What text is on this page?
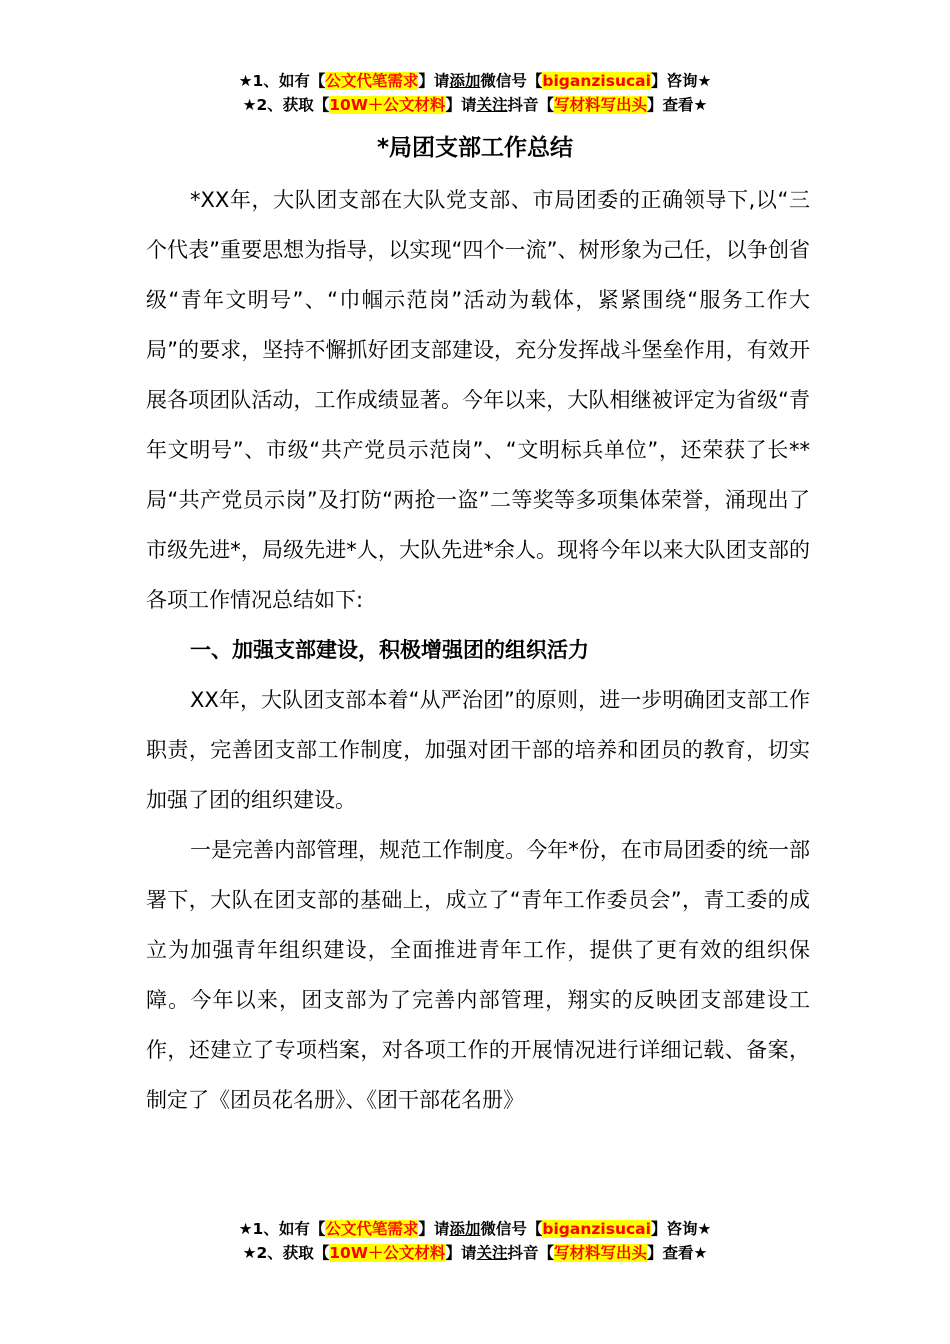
★1、如有【公文代笔需求】请添加微信号【biganzisucai】咨询★
★2、获取【10W＋公文材料】请关注抖音【写材料写出头】查看★
*局团支部工作总结

*XX年，大队团支部在大队党支部、市局团委的正确领导下,以“三个代表”重要思想为指导，以实现“四个一流”、树形象为己任，以争创省级“青年文明号”、“巾帼示范岗”活动为载体，紧紧围绕“服务工作大局”的要求，坚持不懈抓好团支部建设，充分发挥战斗堡垒作用，有效开展各项团队活动，工作成绩显著。今年以来，大队相继被评定为省级“青年文明号”、市级“共产党员示范岗”、“文明标兵单位”，还荣获了长**局“共产党员示岗”及打防“两抢一盗”二等奖等多项集体荣誉，涌现出了市级先进*，局级先进*人，大队先进*余人。现将今年以来大队团支部的各项工作情况总结如下:

一、加强支部建设，积极增强团的组织活力

XX年，大队团支部本着“从严治团”的原则，进一步明确团支部工作职责，完善团支部工作制度，加强对团干部的培养和团员的教育，切实加强了团的组织建设。

一是完善内部管理，规范工作制度。今年*份，在市局团委的统一部署下，大队在团支部的基础上，成立了“青年工作委员会”，青工委的成立为加强青年组织建设，全面推进青年工作，提供了更有效的组织保障。今年以来，团支部为了完善内部管理，翔实的反映团支部建设工作，还建立了专项档案，对各项工作的开展情况进行详细记载、备案，制定了《团员花名册》、《团干部花名册》

★1、如有【公文代笔需求】请添加微信号【biganzisucai】咨询★
★2、获取【10W＋公文材料】请关注抖音【写材料写出头】查看★
